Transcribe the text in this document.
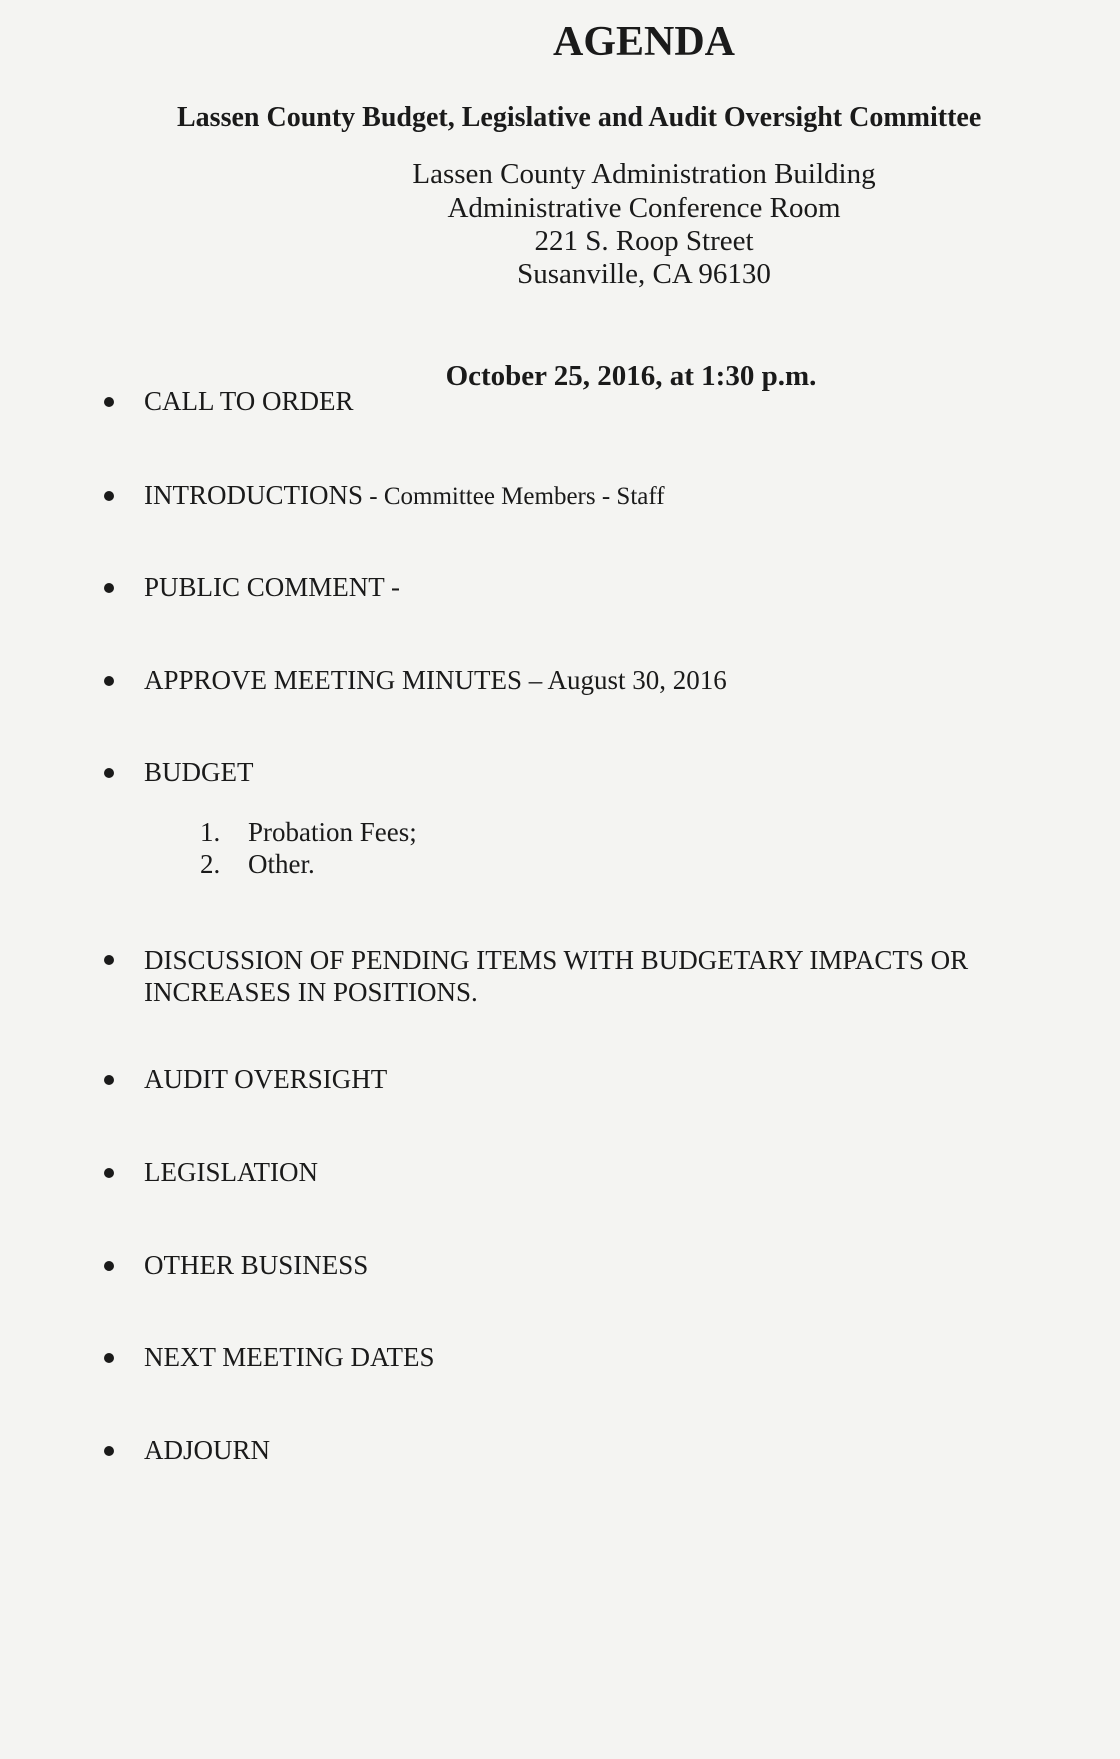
AGENDA
Lassen County Budget, Legislative and Audit Oversight Committee
Lassen County Administration Building
Administrative Conference Room
221 S. Roop Street
Susanville, CA 96130
October 25, 2016, at 1:30 p.m.
CALL TO ORDER
INTRODUCTIONS - Committee Members - Staff
PUBLIC COMMENT -
APPROVE MEETING MINUTES – August 30, 2016
BUDGET
1. Probation Fees;
2. Other.
DISCUSSION OF PENDING ITEMS WITH BUDGETARY IMPACTS OR INCREASES IN POSITIONS.
AUDIT OVERSIGHT
LEGISLATION
OTHER BUSINESS
NEXT MEETING DATES
ADJOURN
